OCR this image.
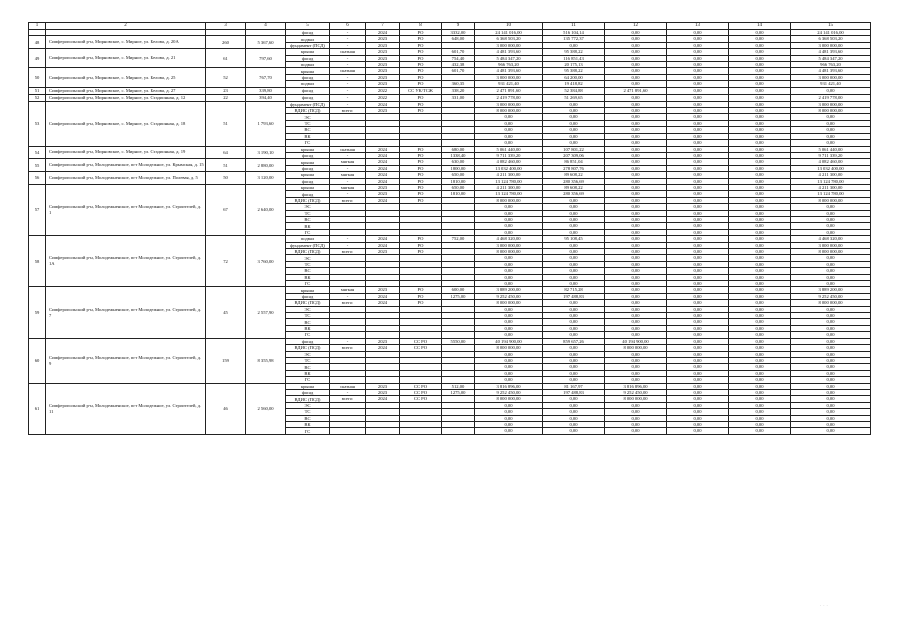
1	2	3	4	5	6	7	8	9	10	11	12	13	14	15
				фасад	-	2024	РО	3332,00	24 141 016,00	516 104,14	0,00	0,00	0,00	24 141 016,00
48	Симферопольский р-н, Мирновское, с. Мирное, ул. Белова, д. 20А	260	5 367,60	подвал	-	2023	РО	648,00	6 368 503,20	135 772,37	0,00	0,00	0,00	6 368 503,20
				фундамент (ПСД)	-	2023	РО		3 000 000,00	0,00	0,00	0,00	0,00	3 000 000,00
49	Симферопольский р-н, Мирновское, с. Мирное, ул. Белова, д. 21	61	797,60	крыша	скатная	2023	РО	601,70	4 481 393,60	95 388,22	0,00	0,00	0,00	4 481 393,60
				фасад	-	2023	РО	754,40	5 484 347,20	116 851,43	0,00	0,00	0,00	5 484 347,20
				подвал	-	2023	РО	432,38	966 763,20	20 175,13	0,00	0,00	0,00	966 763,20
50	Симферопольский р-н, Мирновское, с. Мирное, ул. Белова, д. 25	52	767,70	крыша	скатная	2023	РО	601,70	4 481 393,60	95 388,22	0,00	0,00	0,00	4 481 393,60
				фасад	-	2023	РО		3 000 000,00	64 200,00	0,00	0,00	0,00	3 000 000,00
				подвал	-	2023	РО	360,35	931 421,40	19 418,82	0,00	0,00	0,00	931 421,40
51	Симферопольский р-н, Мирновское, с. Мирное, ул. Белова, д. 27	23	339,80	фасад	-	2022	СС УК/ТСЖ	338,20	2 471 891,60	52 384,88	2 471 891,60	0,00	0,00	0,00
52	Симферопольский р-н, Мирновское, с. Мирное, ул. Стадионная, д. 12	22	394,40	фасад	-	2022	РО	331,00	2 419 778,00	51 269,65	0,00	0,00	0,00	2 419 778,00
53	Симферопольский р-н, Мирновское, с. Мирное, ул. Стадионная, д. 18	51	1 793,60	фундамент (ПСД)	-	2024	РО		3 000 000,00	0,00	0,00	0,00	0,00	3 000 000,00
				ВДИС (ПСД)	всего:	2023	РО		8 000 000,00	0,00	0,00	0,00	0,00	8 000 000,00
				ЭС					0,00	0,00	0,00	0,00	0,00	0,00
				ТС					0,00	0,00	0,00	0,00	0,00	0,00
				ВС					0,00	0,00	0,00	0,00	0,00	0,00
				ВК					0,00	0,00	0,00	0,00	0,00	0,00
				ГС					0,00	0,00	0,00	0,00	0,00	0,00
54	Симферопольский р-н, Мирновское, с. Мирное, ул. Стадионная, д. 19	64	3 190,10	крыша	скатная	2024	РО	680,00	5 061 440,00	107 801,22	0,00	0,00	0,00	5 061 440,00
				фасад	-	2024	РО	1338,40	9 711 339,20	207 309,06	0,00	0,00	0,00	9 711 339,20
55	Симферопольский р-н, Молодежненское, пгт Молодежное, ул. Крымская, д. 15	51	2 880,00	крыша	мягкая	2024	РО	630,00	4 082 460,00	86 851,04	0,00	0,00	0,00	4 082 460,00
				фасад	-	2024	РО	1800,00	13 032 400,00	278 807,76	0,00	0,00	0,00	13 032 400,00
56	Симферопольский р-н, Молодежненское, пгт Молодежное, ул. Полевая, д. 5	50	3 120,00	крыша	мягкая	2024	РО	650,00	4 211 300,00	89 608,22	0,00	0,00	0,00	4 211 300,00
				фасад	-	2024	РО	1810,00	13 124 780,00	280 356,69	0,00	0,00	0,00	13 124 780,00
57	Симферопольский р-н, Молодежненское, пгт Молодежное, ул. Строителей, д. 1	67	2 640,00	крыша	мягкая	2023	РО	650,00	4 211 300,00	89 608,22	0,00	0,00	0,00	4 211 300,00
				фасад	-	2023	РО	1810,00	13 124 780,00	280 356,69	0,00	0,00	0,00	13 124 780,00
				ВДИС (ПСД)	всего:	2024	РО		8 000 000,00	0,00	0,00	0,00	0,00	8 000 000,00
				ЭС					0,00	0,00	0,00	0,00	0,00	0,00
				ТС					0,00	0,00	0,00	0,00	0,00	0,00
				ВС					0,00	0,00	0,00	0,00	0,00	0,00
				ВК					0,00	0,00	0,00	0,00	0,00	0,00
				ГС					0,00	0,00	0,00	0,00	0,00	0,00
58	Симферопольский р-н, Молодежненское, пгт Молодежное, ул. Строителей, д. 1А	72	3 760,00	подвал	-	2024	РО	752,00	4 468 320,00	95 108,45	0,00	0,00	0,00	4 468 320,00
				фундамент (ПСД)	-	2024	РО		3 000 000,00	0,00	0,00	0,00	0,00	3 000 000,00
				ВДИС (ПСД)	всего:	2023	РО		8 000 000,00	0,00	0,00	0,00	0,00	8 000 000,00
				ЭС					0,00	0,00	0,00	0,00	0,00	0,00
				ТС					0,00	0,00	0,00	0,00	0,00	0,00
				ВС					0,00	0,00	0,00	0,00	0,00	0,00
				ВК					0,00	0,00	0,00	0,00	0,00	0,00
				ГС					0,00	0,00	0,00	0,00	0,00	0,00
59	Симферопольский р-н, Молодежненское, пгт Молодежное, ул. Строителей, д. 7	45	2 557,90	крыша	мягкая	2023	РО	600,00	3 889 200,00	82 715,28	0,00	0,00	0,00	3 889 200,00
				фасад	-	2024	РО	1275,00	9 252 450,00	197 488,83	0,00	0,00	0,00	9 252 450,00
				ВДИС (ПСД)	всего:	2024	РО		8 000 000,00	0,00	0,00	0,00	0,00	8 000 000,00
				ЭС					0,00	0,00	0,00	0,00	0,00	0,00
				ТС					0,00	0,00	0,00	0,00	0,00	0,00
				ВС					0,00	0,00	0,00	0,00	0,00	0,00
				ВК					0,00	0,00	0,00	0,00	0,00	0,00
				ГС					0,00	0,00	0,00	0,00	0,00	0,00
60	Симферопольский р-н, Молодежненское, пгт Молодежное, ул. Строителей, д. 9	159	8 355,98	фасад	-	2023	СС РО	5550,00	40 194 900,00	859 657,26	40 194 900,00	0,00	0,00	0,00
				ВДИС (ПСД)	всего:	2024	СС РО		8 000 000,00	0,00	8 000 000,00	0,00	0,00	0,00
				ЭС					0,00	0,00	0,00	0,00	0,00	0,00
				ТС					0,00	0,00	0,00	0,00	0,00	0,00
				ВС					0,00	0,00	0,00	0,00	0,00	0,00
				ВК					0,00	0,00	0,00	0,00	0,00	0,00
				ГС					0,00	0,00	0,00	0,00	0,00	0,00
61	Симферопольский р-н, Молодежненское, пгт Молодежное, ул. Строителей, д. 11	46	2 560,00	крыша	скатная	2023	СС РО	512,00	3 816 896,00	81 167,97	3 816 896,00	0,00	0,00	0,00
				фасад	-	2023	СС РО	1275,00	9 252 450,00	197 488,83	9 252 450,00	0,00	0,00	0,00
				ВДИС (ПСД)	всего:	2024	СС РО		8 000 000,00	0,00	8 000 000,00	0,00	0,00	0,00
				ЭС					0,00	0,00	0,00	0,00	0,00	0,00
				ТС					0,00	0,00	0,00	0,00	0,00	0,00
				ВС					0,00	0,00	0,00	0,00	0,00	0,00
				ВК					0,00	0,00	0,00	0,00	0,00	0,00
				ГС					0,00	0,00	0,00	0,00	0,00	0,00
...
